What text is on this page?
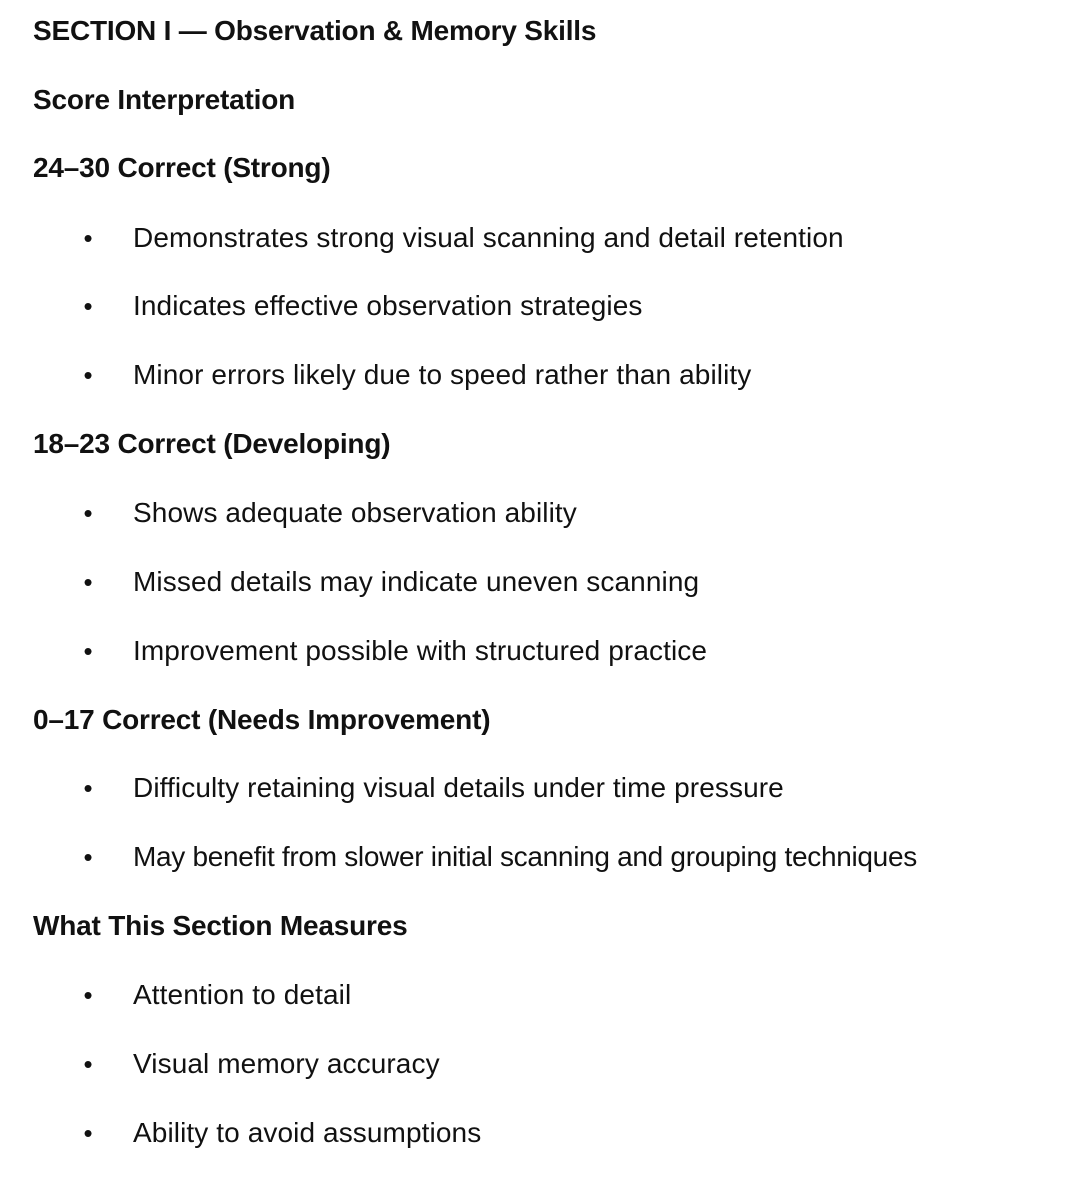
SECTION I — Observation & Memory Skills
Score Interpretation
24–30 Correct (Strong)
• Demonstrates strong visual scanning and detail retention
• Indicates effective observation strategies
• Minor errors likely due to speed rather than ability
18–23 Correct (Developing)
• Shows adequate observation ability
• Missed details may indicate uneven scanning
• Improvement possible with structured practice
0–17 Correct (Needs Improvement)
• Difficulty retaining visual details under time pressure
• May benefit from slower initial scanning and grouping techniques
What This Section Measures
• Attention to detail
• Visual memory accuracy
• Ability to avoid assumptions
